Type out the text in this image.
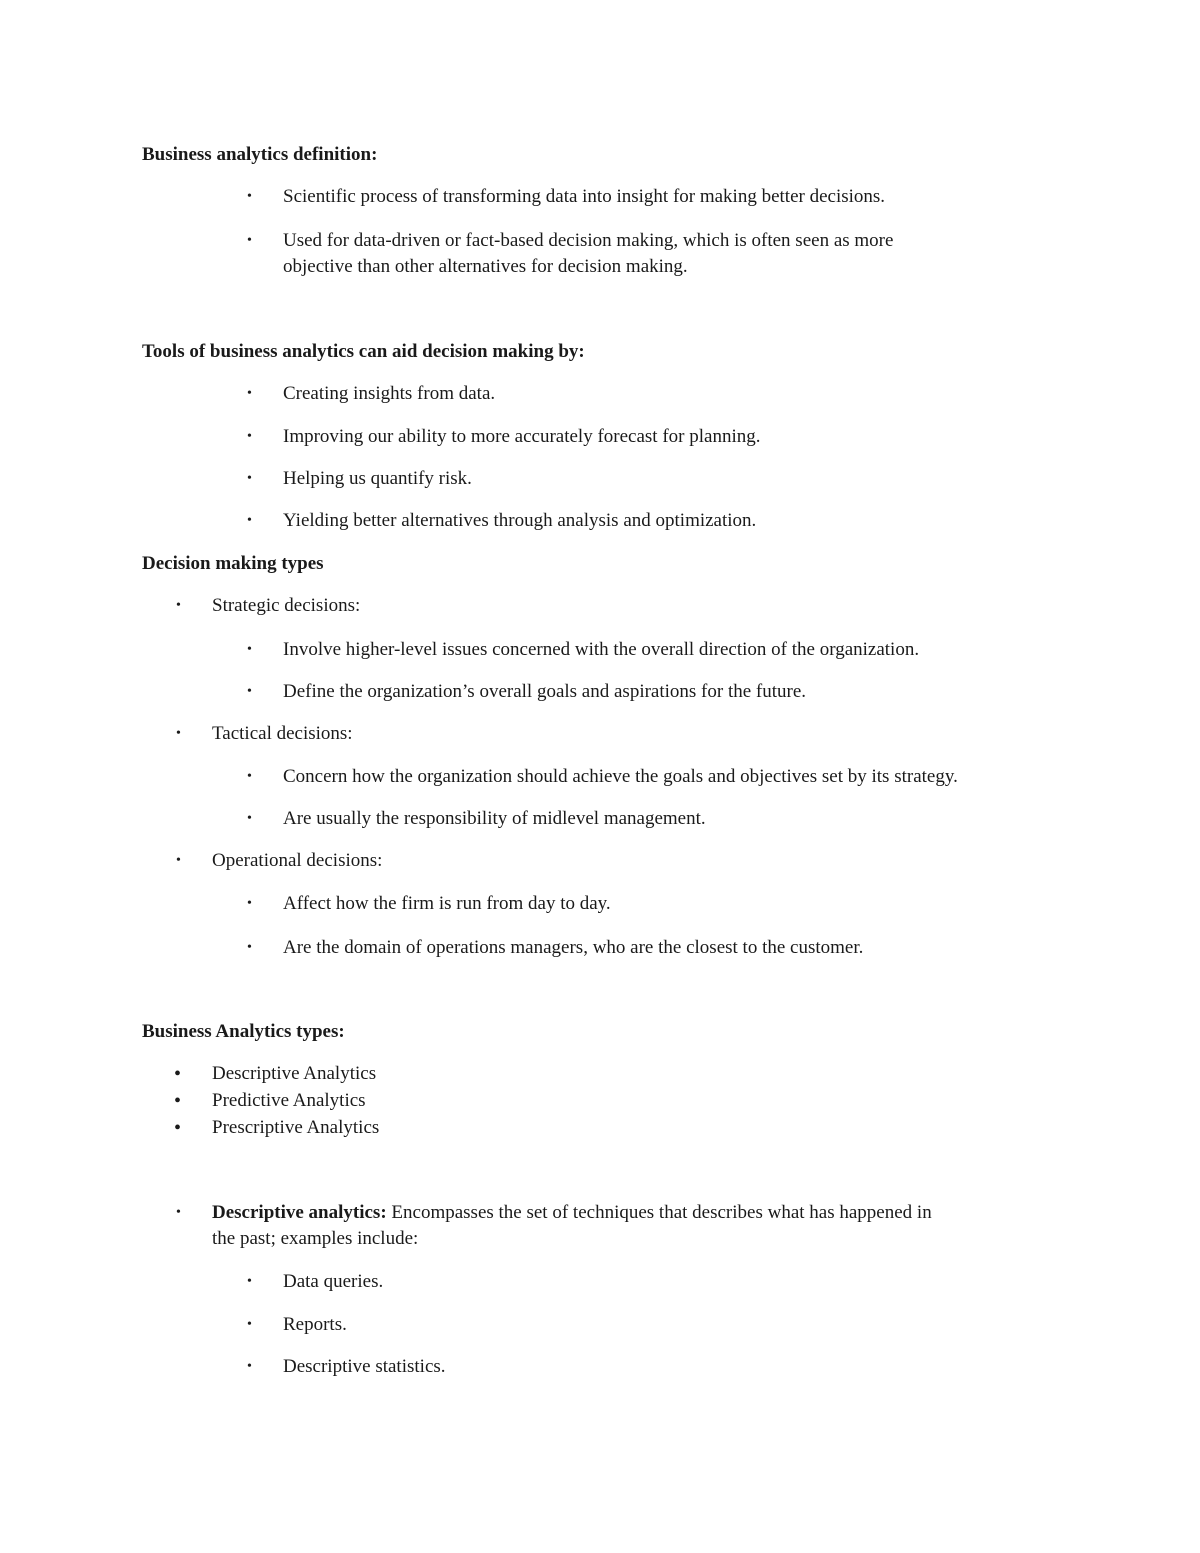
Business analytics definition:
• Scientific process of transforming data into insight for making better decisions.
• Used for data-driven or fact-based decision making, which is often seen as more
objective than other alternatives for decision making.
Tools of business analytics can aid decision making by:
• Creating insights from data.
• Improving our ability to more accurately forecast for planning.
• Helping us quantify risk.
• Yielding better alternatives through analysis and optimization.
Decision making types
• Strategic decisions:
• Involve higher-level issues concerned with the overall direction of the organization.
• Define the organization’s overall goals and aspirations for the future.
• Tactical decisions:
• Concern how the organization should achieve the goals and objectives set by its strategy.
• Are usually the responsibility of midlevel management.
• Operational decisions:
• Affect how the firm is run from day to day.
• Are the domain of operations managers, who are the closest to the customer.
Business Analytics types:
• Descriptive Analytics
• Predictive Analytics
• Prescriptive Analytics
• Descriptive analytics: Encompasses the set of techniques that describes what has happened in
the past; examples include:
• Data queries.
• Reports.
• Descriptive statistics.
